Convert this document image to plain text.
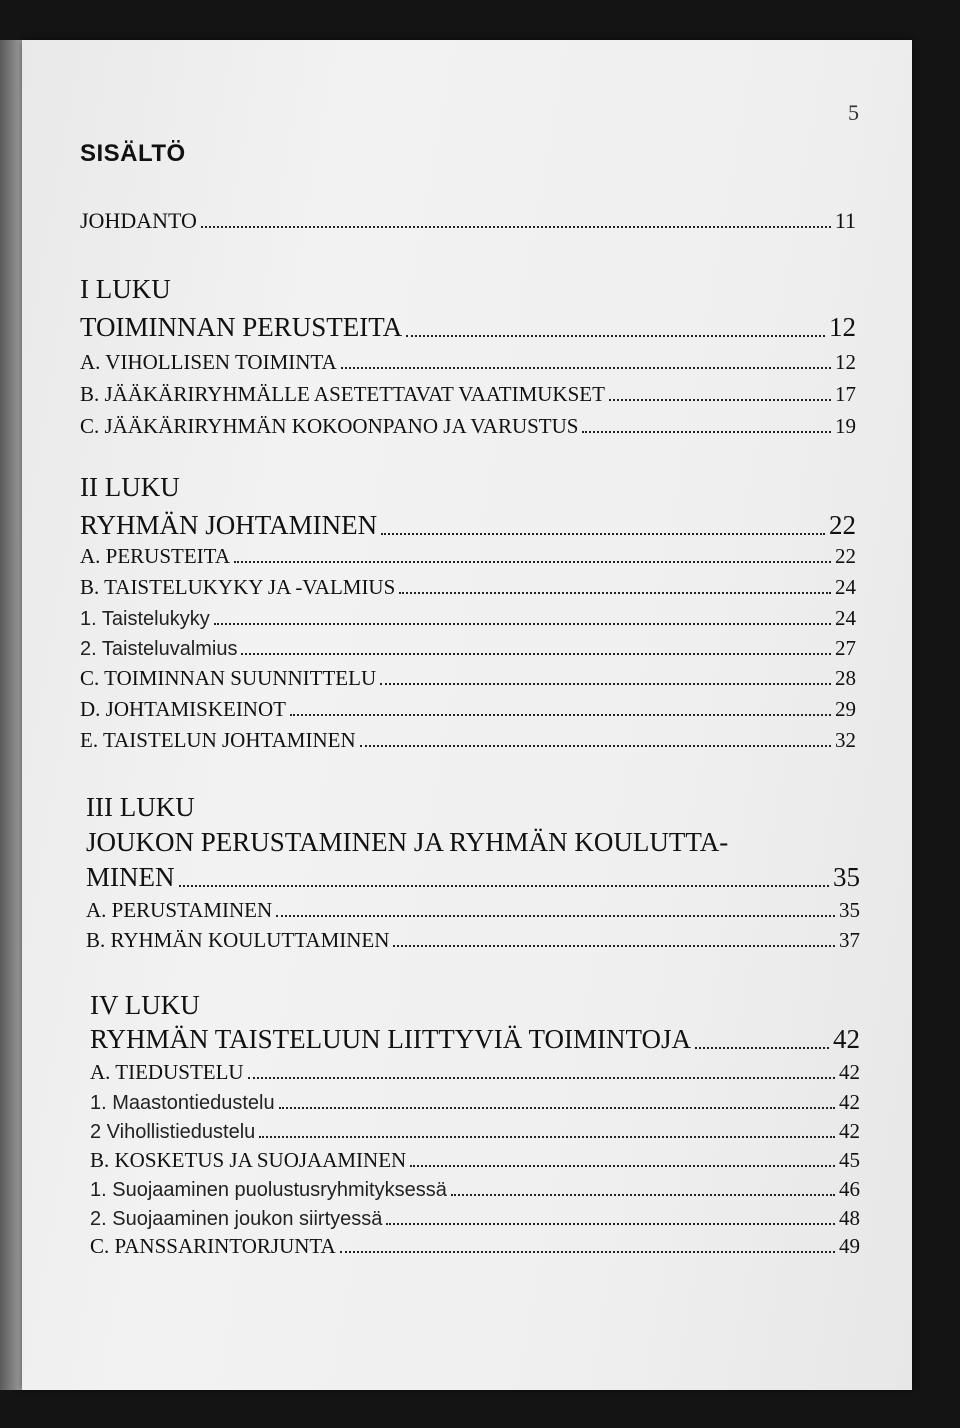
5
SISÄLTÖ
JOHDANTO	11
I LUKU
TOIMINNAN PERUSTEITA	12
A. VIHOLLISEN TOIMINTA	12
B. JÄÄKÄRIRYHMÄLLE ASETETTAVAT VAATIMUKSET	17
C. JÄÄKÄRIRYHMÄN KOKOONPANO JA VARUSTUS	19
II LUKU
RYHMÄN JOHTAMINEN	22
A. PERUSTEITA	22
B. TAISTELUKYKY JA -VALMIUS	24
1. Taistelukyky	24
2. Taisteluvalmius	27
C. TOIMINNAN SUUNNITTELU	28
D. JOHTAMISKEINOT	29
E. TAISTELUN JOHTAMINEN	32
III LUKU
JOUKON PERUSTAMINEN JA RYHMÄN KOULUTTA-
MINEN	35
A. PERUSTAMINEN	35
B. RYHMÄN KOULUTTAMINEN	37
IV LUKU
RYHMÄN TAISTELUUN LIITTYVIÄ TOIMINTOJA	42
A. TIEDUSTELU	42
1. Maastontiedustelu	42
2 Vihollistiedustelu	42
B. KOSKETUS JA SUOJAAMINEN	45
1. Suojaaminen puolustusryhmityksessä	46
2. Suojaaminen joukon siirtyessä	48
C. PANSSARINTORJUNTA	49
